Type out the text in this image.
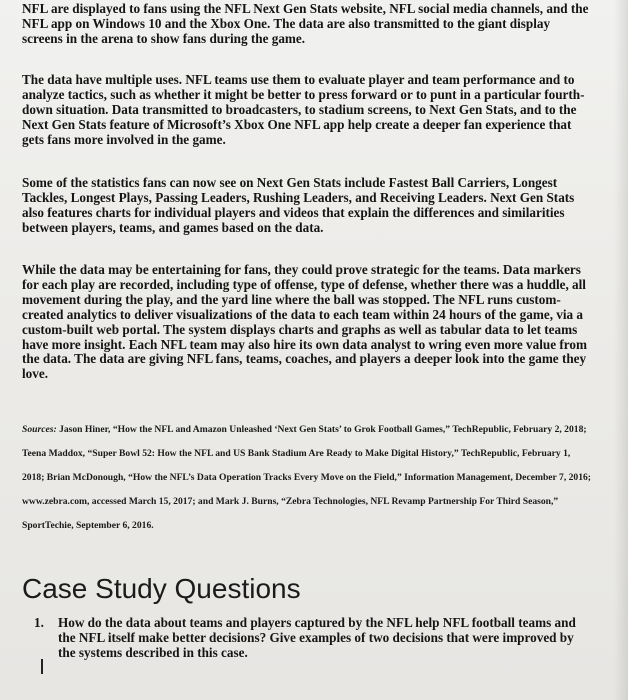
NFL are displayed to fans using the NFL Next Gen Stats website, NFL social media channels, and the NFL app on Windows 10 and the Xbox One. The data are also transmitted to the giant display screens in the arena to show fans during the game.

The data have multiple uses. NFL teams use them to evaluate player and team performance and to analyze tactics, such as whether it might be better to press forward or to punt in a particular fourth-down situation. Data transmitted to broadcasters, to stadium screens, to Next Gen Stats, and to the Next Gen Stats feature of Microsoft’s Xbox One NFL app help create a deeper fan experience that gets fans more involved in the game.

Some of the statistics fans can now see on Next Gen Stats include Fastest Ball Carriers, Longest Tackles, Longest Plays, Passing Leaders, Rushing Leaders, and Receiving Leaders. Next Gen Stats also features charts for individual players and videos that explain the differences and similarities between players, teams, and games based on the data.

While the data may be entertaining for fans, they could prove strategic for the teams. Data markers for each play are recorded, including type of offense, type of defense, whether there was a huddle, all movement during the play, and the yard line where the ball was stopped. The NFL runs custom-created analytics to deliver visualizations of the data to each team within 24 hours of the game, via a custom-built web portal. The system displays charts and graphs as well as tabular data to let teams have more insight. Each NFL team may also hire its own data analyst to wring even more value from the data. The data are giving NFL fans, teams, coaches, and players a deeper look into the game they love.

Sources: Jason Hiner, “How the NFL and Amazon Unleashed ‘Next Gen Stats’ to Grok Football Games,” TechRepublic, February 2, 2018; Teena Maddox, “Super Bowl 52: How the NFL and US Bank Stadium Are Ready to Make Digital History,” TechRepublic, February 1, 2018; Brian McDonough, “How the NFL’s Data Operation Tracks Every Move on the Field,” Information Management, December 7, 2016; www.zebra.com, accessed March 15, 2017; and Mark J. Burns, “Zebra Technologies, NFL Revamp Partnership For Third Season,” SportTechie, September 6, 2016.

Case Study Questions
1.	How do the data about teams and players captured by the NFL help NFL football teams and the NFL itself make better decisions? Give examples of two decisions that were improved by the systems described in this case.
